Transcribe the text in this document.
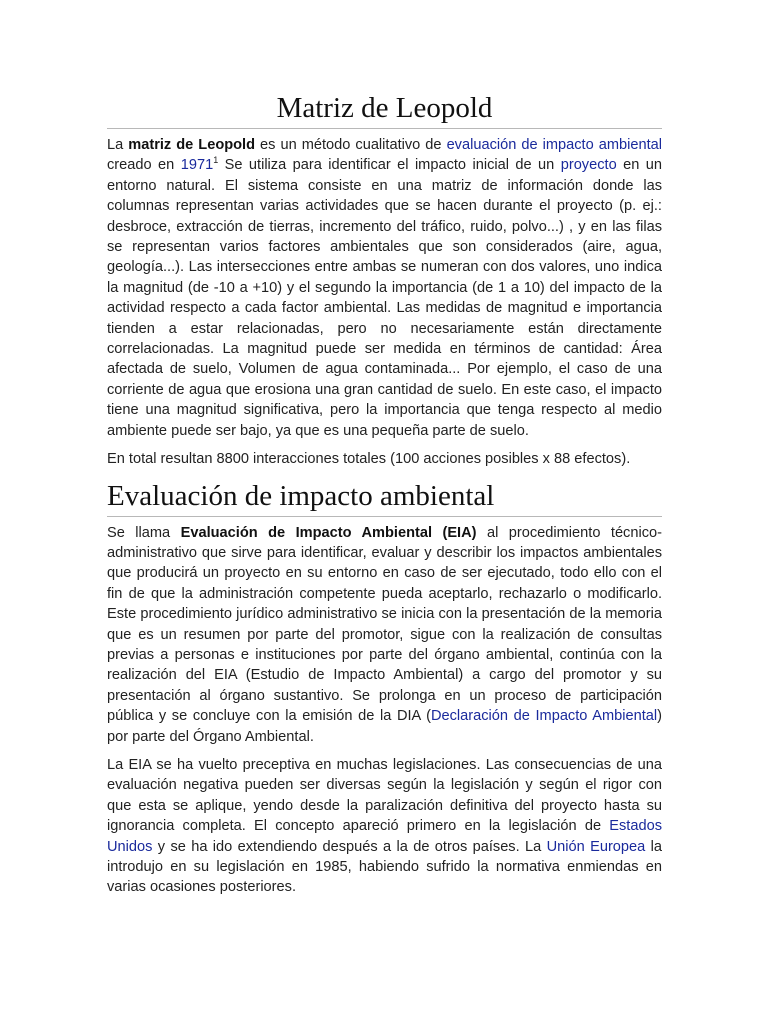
Matriz de Leopold

La matriz de Leopold es un método cualitativo de evaluación de impacto ambiental creado en 1971$^1$ Se utiliza para identificar el impacto inicial de un proyecto en un entorno natural. El sistema consiste en una matriz de información donde las columnas representan varias actividades que se hacen durante el proyecto (p. ej.: desbroce, extracción de tierras, incremento del tráfico, ruido, polvo...) , y en las filas se representan varios factores ambientales que son considerados (aire, agua, geología...). Las intersecciones entre ambas se numeran con dos valores, uno indica la magnitud (de -10 a +10) y el segundo la importancia (de 1 a 10) del impacto de la actividad respecto a cada factor ambiental. Las medidas de magnitud e importancia tienden a estar relacionadas, pero no necesariamente están directamente correlacionadas. La magnitud puede ser medida en términos de cantidad: Área afectada de suelo, Volumen de agua contaminada... Por ejemplo, el caso de una corriente de agua que erosiona una gran cantidad de suelo. En este caso, el impacto tiene una magnitud significativa, pero la importancia que tenga respecto al medio ambiente puede ser bajo, ya que es una pequeña parte de suelo.

En total resultan 8800 interacciones totales (100 acciones posibles x 88 efectos).

Evaluación de impacto ambiental

Se llama Evaluación de Impacto Ambiental (EIA) al procedimiento técnico-administrativo que sirve para identificar, evaluar y describir los impactos ambientales que producirá un proyecto en su entorno en caso de ser ejecutado, todo ello con el fin de que la administración competente pueda aceptarlo, rechazarlo o modificarlo. Este procedimiento jurídico administrativo se inicia con la presentación de la memoria que es un resumen por parte del promotor, sigue con la realización de consultas previas a personas e instituciones por parte del órgano ambiental, continúa con la realización del EIA (Estudio de Impacto Ambiental) a cargo del promotor y su presentación al órgano sustantivo. Se prolonga en un proceso de participación pública y se concluye con la emisión de la DIA (Declaración de Impacto Ambiental) por parte del Órgano Ambiental.

La EIA se ha vuelto preceptiva en muchas legislaciones. Las consecuencias de una evaluación negativa pueden ser diversas según la legislación y según el rigor con que esta se aplique, yendo desde la paralización definitiva del proyecto hasta su ignorancia completa. El concepto apareció primero en la legislación de Estados Unidos y se ha ido extendiendo después a la de otros países. La Unión Europea la introdujo en su legislación en 1985, habiendo sufrido la normativa enmiendas en varias ocasiones posteriores.
